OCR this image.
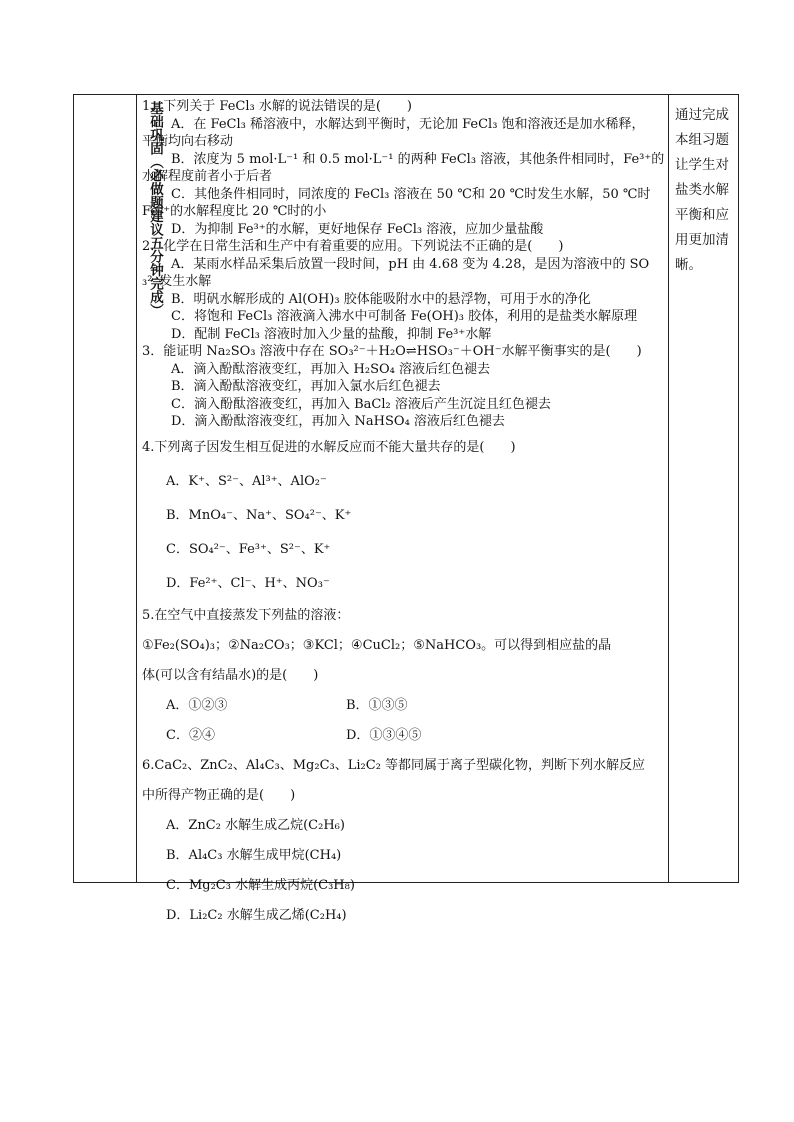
基础巩固（必做题建议五分钟完成）	通过完成
本组习题
让学生对
盐类水解
平衡和应
用更加清
晰。
1．下列关于 FeCl₃ 水解的说法错误的是(　　)
A．在 FeCl₃ 稀溶液中，水解达到平衡时，无论加 FeCl₃ 饱和溶液还是加水稀释，
平衡均向右移动
B．浓度为 5 mol·L⁻¹ 和 0.5 mol·L⁻¹ 的两种 FeCl₃ 溶液，其他条件相同时，Fe³⁺的
水解程度前者小于后者
C．其他条件相同时，同浓度的 FeCl₃ 溶液在 50 ℃和 20 ℃时发生水解，50 ℃时
Fe³⁺的水解程度比 20 ℃时的小
D．为抑制 Fe³⁺的水解，更好地保存 FeCl₃ 溶液，应加少量盐酸
2．化学在日常生活和生产中有着重要的应用。下列说法不正确的是(　　)
A．某雨水样品采集后放置一段时间，pH 由 4.68 变为 4.28，是因为溶液中的 SO
₃²⁻发生水解
B．明矾水解形成的 Al(OH)₃ 胶体能吸附水中的悬浮物，可用于水的净化
C．将饱和 FeCl₃ 溶液滴入沸水中可制备 Fe(OH)₃ 胶体，利用的是盐类水解原理
D．配制 FeCl₃ 溶液时加入少量的盐酸，抑制 Fe³⁺水解
3．能证明 Na₂SO₃ 溶液中存在 SO₃²⁻＋H₂O⇌HSO₃⁻＋OH⁻水解平衡事实的是(　　)
A．滴入酚酞溶液变红，再加入 H₂SO₄ 溶液后红色褪去
B．滴入酚酞溶液变红，再加入氯水后红色褪去
C．滴入酚酞溶液变红，再加入 BaCl₂ 溶液后产生沉淀且红色褪去
D．滴入酚酞溶液变红，再加入 NaHSO₄ 溶液后红色褪去
4.下列离子因发生相互促进的水解反应而不能大量共存的是(　　)
A．K⁺、S²⁻、Al³⁺、AlO₂⁻
B．MnO₄⁻、Na⁺、SO₄²⁻、K⁺
C．SO₄²⁻、Fe³⁺、S²⁻、K⁺
D．Fe²⁺、Cl⁻、H⁺、NO₃⁻
5.在空气中直接蒸发下列盐的溶液：
①Fe₂(SO₄)₃；②Na₂CO₃；③KCl；④CuCl₂；⑤NaHCO₃。可以得到相应盐的晶
体(可以含有结晶水)的是(　　)
A．①②③	B．①③⑤
C．②④	D．①③④⑤
6.CaC₂、ZnC₂、Al₄C₃、Mg₂C₃、Li₂C₂ 等都同属于离子型碳化物，判断下列水解反应
中所得产物正确的是(　　)
A．ZnC₂ 水解生成乙烷(C₂H₆)
B．Al₄C₃ 水解生成甲烷(CH₄)
C．Mg₂C₃ 水解生成丙烷(C₃H₈)
D．Li₂C₂ 水解生成乙烯(C₂H₄)
